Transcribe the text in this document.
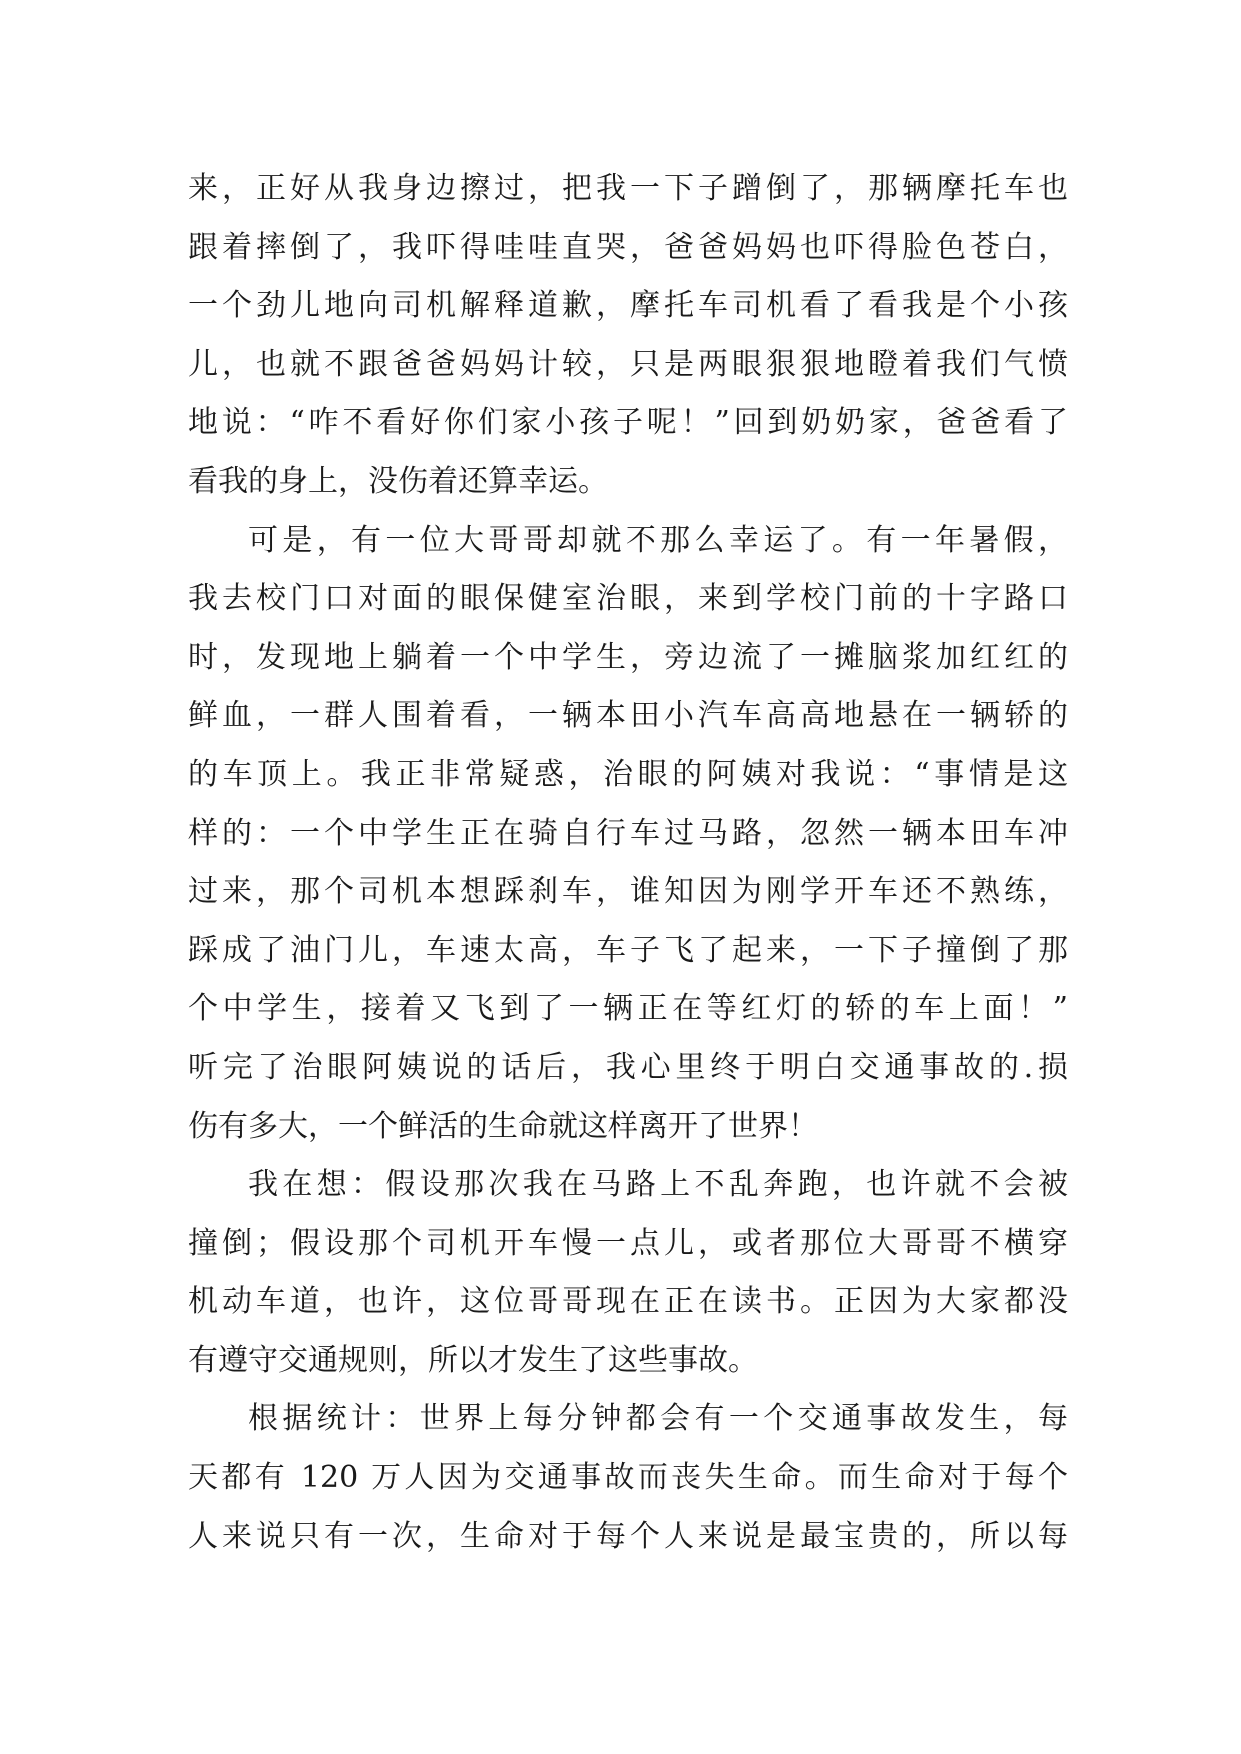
来，正好从我身边擦过，把我一下子蹭倒了，那辆摩托车也
跟着摔倒了，我吓得哇哇直哭，爸爸妈妈也吓得脸色苍白，
一个劲儿地向司机解释道歉，摩托车司机看了看我是个小孩
儿，也就不跟爸爸妈妈计较，只是两眼狠狠地瞪着我们气愤
地说：“咋不看好你们家小孩子呢！”回到奶奶家，爸爸看了
看我的身上，没伤着还算幸运。
可是，有一位大哥哥却就不那么幸运了。有一年暑假，
我去校门口对面的眼保健室治眼，来到学校门前的十字路口
时，发现地上躺着一个中学生，旁边流了一摊脑浆加红红的
鲜血，一群人围着看，一辆本田小汽车高高地悬在一辆轿的
的车顶上。我正非常疑惑，治眼的阿姨对我说：“事情是这
样的：一个中学生正在骑自行车过马路，忽然一辆本田车冲
过来，那个司机本想踩刹车，谁知因为刚学开车还不熟练，
踩成了油门儿，车速太高，车子飞了起来，一下子撞倒了那
个中学生，接着又飞到了一辆正在等红灯的轿的车上面！”
听完了治眼阿姨说的话后，我心里终于明白交通事故的.损
伤有多大，一个鲜活的生命就这样离开了世界！
我在想：假设那次我在马路上不乱奔跑，也许就不会被
撞倒；假设那个司机开车慢一点儿，或者那位大哥哥不横穿
机动车道，也许，这位哥哥现在正在读书。正因为大家都没
有遵守交通规则，所以才发生了这些事故。
根据统计：世界上每分钟都会有一个交通事故发生，每
天都有 120 万人因为交通事故而丧失生命。而生命对于每个
人来说只有一次，生命对于每个人来说是最宝贵的，所以每
